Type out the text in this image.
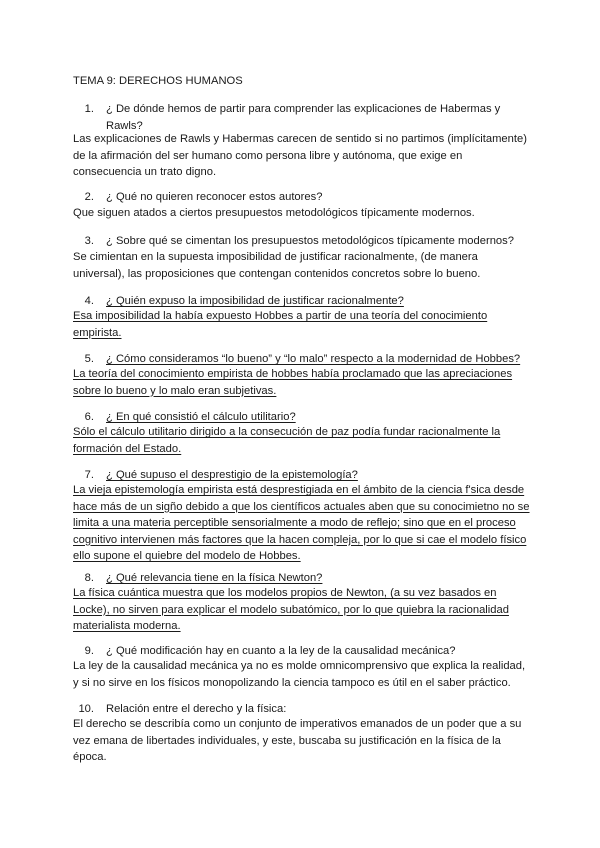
TEMA 9: DERECHOS HUMANOS
1. ¿ De dónde hemos de partir para comprender las explicaciones de Habermas y
Rawls?
Las explicaciones de Rawls y Habermas carecen de sentido si no partimos (implícitamente)
de la afirmación del ser humano como persona libre y autónoma, que exige en
consecuencia un trato digno.
2. ¿ Qué no quieren reconocer estos autores?
Que siguen atados a ciertos presupuestos metodológicos típicamente modernos.
3. ¿ Sobre qué se cimentan los presupuestos metodológicos típicamente modernos?
Se cimientan en la supuesta imposibilidad de justificar racionalmente, (de manera
universal), las proposiciones que contengan contenidos concretos sobre lo bueno.
4. ¿ Quién expuso la imposibilidad de justificar racionalmente?
Esa imposibilidad la había expuesto Hobbes a partir de una teoría del conocimiento
empirista.
5. ¿ Cómo consideramos “lo bueno” y “lo malo” respecto a la modernidad de Hobbes?
La teoría del conocimiento empirista de hobbes había proclamado que las apreciaciones
sobre lo bueno y lo malo eran subjetivas.
6. ¿ En qué consistió el cálculo utilitario?
Sólo el cálculo utilitario dirigido a la consecución de paz podía fundar racionalmente la
formación del Estado.
7. ¿ Qué supuso el desprestigio de la epistemología?
La vieja epistemología empirista está desprestigiada en el ámbito de la ciencia f'sica desde
hace más de un sigño debido a que los científicos actuales aben que su conocimietno no se
limita a una materia perceptible sensorialmente a modo de reflejo; sino que en el proceso
cognitivo intervienen más factores que la hacen compleja, por lo que si cae el modelo físico
ello supone el quiebre del modelo de Hobbes.
8. ¿ Qué relevancia tiene en la física Newton?
La física cuántica muestra que los modelos propios de Newton, (a su vez basados en
Locke), no sirven para explicar el modelo subatómico, por lo que quiebra la racionalidad
materialista moderna.
9. ¿ Qué modificación hay en cuanto a la ley de la causalidad mecánica?
La ley de la causalidad mecánica ya no es molde omnicomprensivo que explica la realidad,
y si no sirve en los físicos monopolizando la ciencia tampoco es útil en el saber práctico.
10. Relación entre el derecho y la física:
El derecho se describía como un conjunto de imperativos emanados de un poder que a su
vez emana de libertades individuales, y este, buscaba su justificación en la física de la
época.
